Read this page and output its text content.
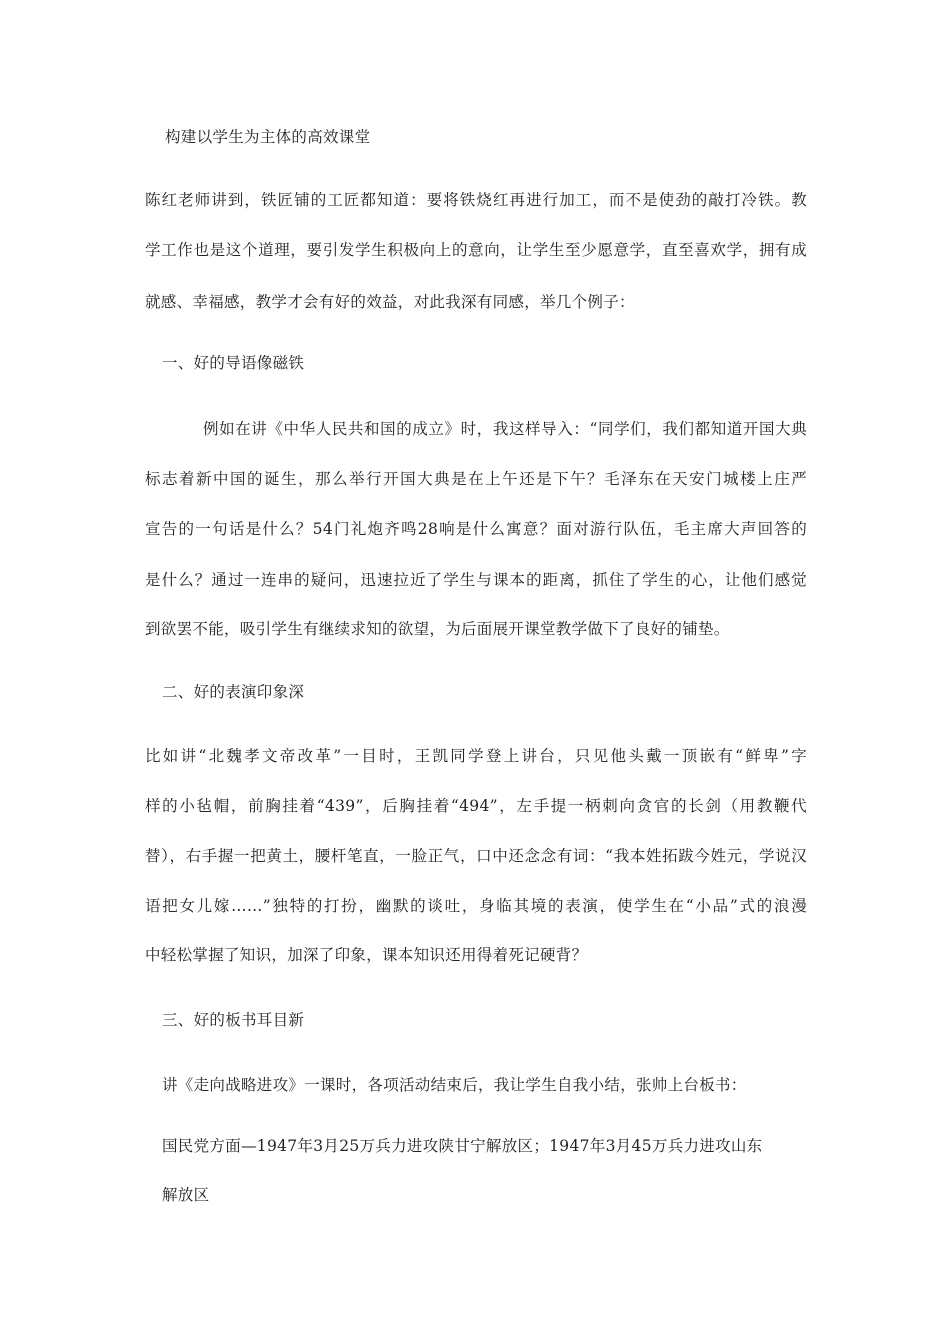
构建以学生为主体的高效课堂
陈红老师讲到，铁匠铺的工匠都知道：要将铁烧红再进行加工，而不是使劲的敲打冷铁。教
学工作也是这个道理，要引发学生积极向上的意向，让学生至少愿意学，直至喜欢学，拥有成
就感、幸福感，教学才会有好的效益，对此我深有同感，举几个例子：
一、好的导语像磁铁
例如在讲《中华人民共和国的成立》时，我这样导入：“同学们，我们都知道开国大典
标志着新中国的诞生，那么举行开国大典是在上午还是下午？毛泽东在天安门城楼上庄严
宣告的一句话是什么？54门礼炮齐鸣28响是什么寓意？面对游行队伍，毛主席大声回答的
是什么？通过一连串的疑问，迅速拉近了学生与课本的距离，抓住了学生的心，让他们感觉
到欲罢不能，吸引学生有继续求知的欲望，为后面展开课堂教学做下了良好的铺垫。
二、好的表演印象深
比如讲“北魏孝文帝改革”一目时，王凯同学登上讲台，只见他头戴一顶嵌有“鲜卑”字
样的小毡帽，前胸挂着“439”，后胸挂着“494”，左手提一柄刺向贪官的长剑（用教鞭代
替），右手握一把黄土，腰杆笔直，一脸正气，口中还念念有词：“我本姓拓跋今姓元，学说汉
语把女儿嫁……”独特的打扮，幽默的谈吐，身临其境的表演，使学生在“小品”式的浪漫
中轻松掌握了知识，加深了印象，课本知识还用得着死记硬背？
三、好的板书耳目新
讲《走向战略进攻》一课时，各项活动结束后，我让学生自我小结，张帅上台板书：
国民党方面—1947年3月25万兵力进攻陕甘宁解放区；1947年3月45万兵力进攻山东
解放区
